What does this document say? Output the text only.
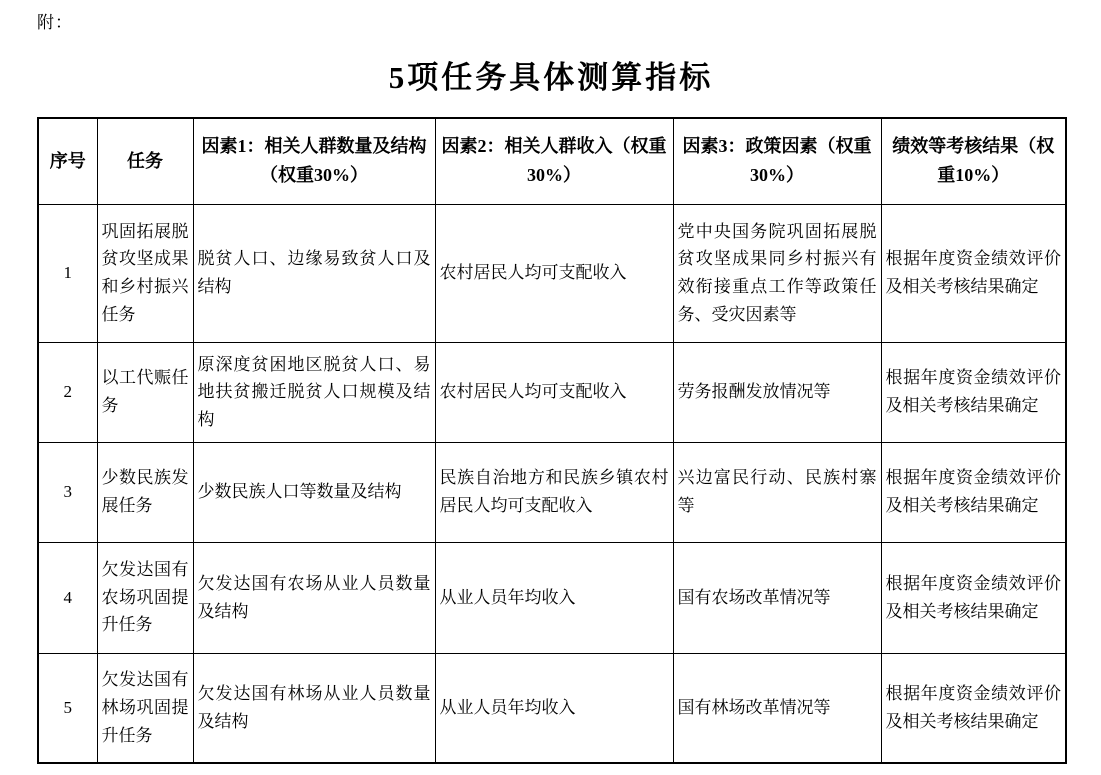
附：
5项任务具体测算指标
序号	任务	因素1：相关人群数量及结构（权重30%）	因素2：相关人群收入（权重30%）	因素3：政策因素（权重30%）	绩效等考核结果（权重10%）
1	巩固拓展脱贫攻坚成果和乡村振兴任务	脱贫人口、边缘易致贫人口及结构	农村居民人均可支配收入	党中央国务院巩固拓展脱贫攻坚成果同乡村振兴有效衔接重点工作等政策任务、受灾因素等	根据年度资金绩效评价及相关考核结果确定
2	以工代赈任务	原深度贫困地区脱贫人口、易地扶贫搬迁脱贫人口规模及结构	农村居民人均可支配收入	劳务报酬发放情况等	根据年度资金绩效评价及相关考核结果确定
3	少数民族发展任务	少数民族人口等数量及结构	民族自治地方和民族乡镇农村居民人均可支配收入	兴边富民行动、民族村寨等	根据年度资金绩效评价及相关考核结果确定
4	欠发达国有农场巩固提升任务	欠发达国有农场从业人员数量及结构	从业人员年均收入	国有农场改革情况等	根据年度资金绩效评价及相关考核结果确定
5	欠发达国有林场巩固提升任务	欠发达国有林场从业人员数量及结构	从业人员年均收入	国有林场改革情况等	根据年度资金绩效评价及相关考核结果确定
